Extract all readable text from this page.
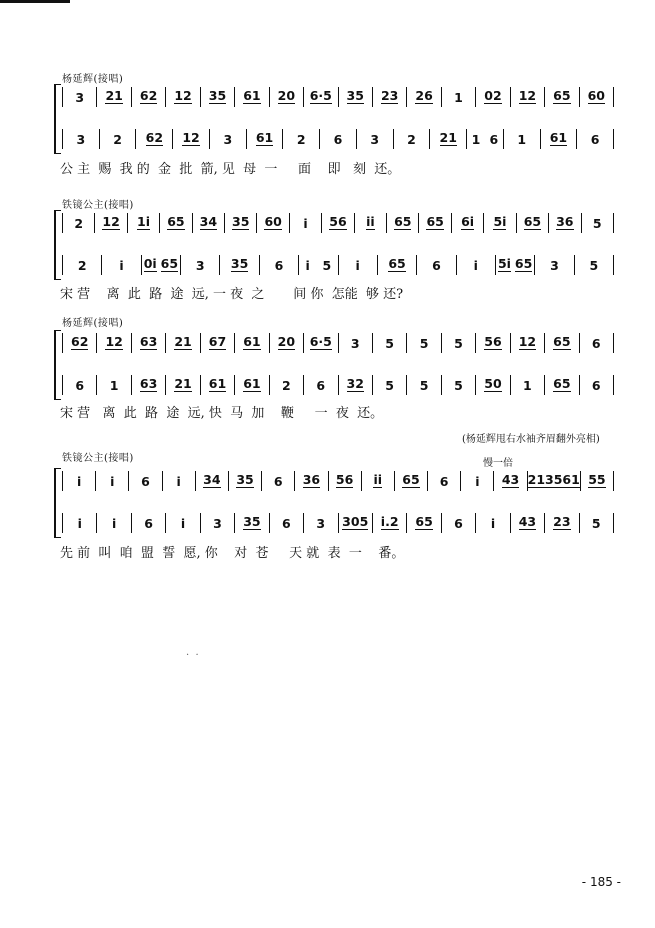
杨延辉(接唱)
3 21 62 12 35 61 20 6·5 35 23 26 1 02 12 65 60
3 2 62 12 3 61 2 6 3 2 21 1 6 1 61 6
公 主  赐  我 的  金  批  箭, 见  母  一     面    即   刻  还。
铁镜公主(接唱)
2 12 1i 65 34 35 60 i 56 ii 65 65 6i 5i 65 36 5
2	i 0i 65 3 35 6 i 5 i 65 6	i 5i 65 3 5
宋 营    离  此  路  途  远, 一 夜  之       间 你  怎能  够 还?
杨延辉(接唱)
62 12 63 21 67 61 20 6·5 3 5 5 5 56 12 65 6
6 1 63 21 61 61 2 6 32 5 5 5 50 1 65 6
宋 营   离  此  路  途  远, 快  马  加    鞭     一  夜  还。
(杨延辉甩右水袖齐眉翻外亮相)
铁镜公主(接唱)	慢一倍
i i 6 i 34 35 6 36 56 ii 65 6 i 43 213561 55
i i 6 i 3 35 6 3 305 i.2 65 6 i 43 23 5
先 前  叫  咱  盟  誓  愿, 你    对  苍     天 就  表  一    番。
·  ·
- 185 -
